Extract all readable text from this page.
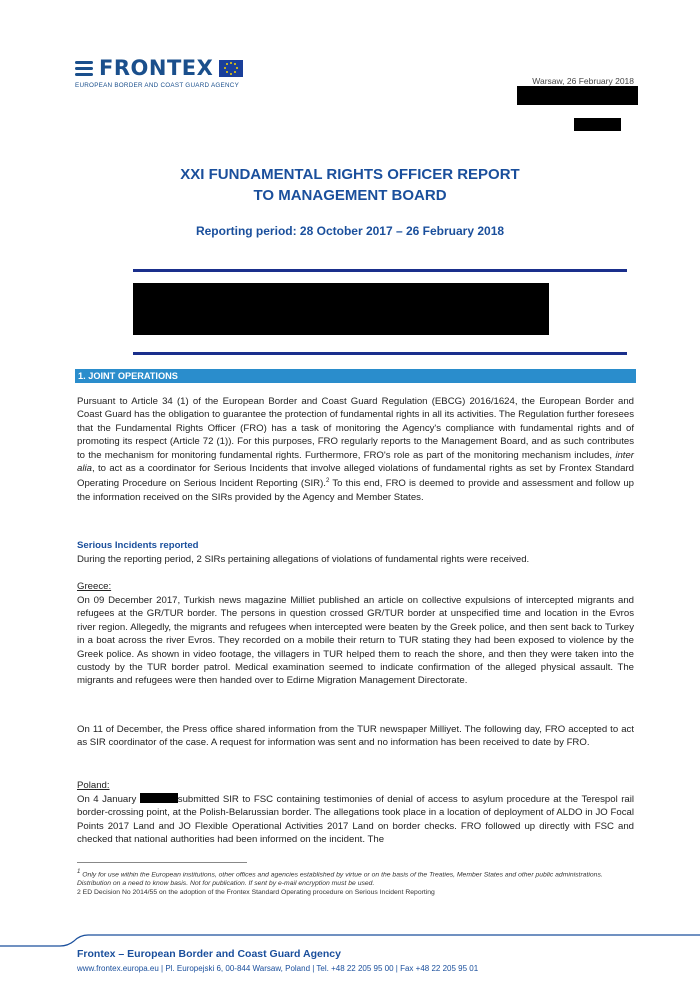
FRONTEX
EUROPEAN BORDER AND COAST GUARD AGENCY	Warsaw, 26 February 2018
XXI FUNDAMENTAL RIGHTS OFFICER REPORT
TO MANAGEMENT BOARD
Reporting period: 28 October 2017 – 26 February 2018
1. JOINT OPERATIONS

Pursuant to Article 34 (1) of the European Border and Coast Guard Regulation (EBCG) 2016/1624, the European Border and Coast Guard has the obligation to guarantee the protection of fundamental rights in all its activities. The Regulation further foresees that the Fundamental Rights Officer (FRO) has a task of monitoring the Agency's compliance with fundamental rights and of promoting its respect (Article 72 (1)). For this purposes, FRO regularly reports to the Management Board, and as such contributes to the mechanism for monitoring fundamental rights. Furthermore, FRO's role as part of the monitoring mechanism includes, inter alia, to act as a coordinator for Serious Incidents that involve alleged violations of fundamental rights as set by Frontex Standard Operating Procedure on Serious Incident Reporting (SIR).$^2$ To this end, FRO is deemed to provide and assessment and follow up the information received on the SIRs provided by the Agency and Member States.

Serious Incidents reported

During the reporting period, 2 SIRs pertaining allegations of violations of fundamental rights were received.

Greece:

On 09 December 2017, Turkish news magazine Milliet published an article on collective expulsions of intercepted migrants and refugees at the GR/TUR border. The persons in question crossed GR/TUR border at unspecified time and location in the Evros river region. Allegedly, the migrants and refugees when intercepted were beaten by the Greek police, and then sent back to Turkey in a boat across the river Evros. They recorded on a mobile their return to TUR stating they had been exposed to violence by the Greek police. As shown in video footage, the villagers in TUR helped them to reach the shore, and then they were taken into the custody by the TUR border patrol. Medical examination seemed to indicate confirmation of the alleged physical assault. The migrants and refugees were then handed over to Edirne Migration Management Directorate.

On 11 of December, the Press office shared information from the TUR newspaper Milliyet. The following day, FRO accepted to act as SIR coordinator of the case. A request for information was sent and no information has been received to date by FRO.

Poland:

On 4 January	submitted SIR to FSC containing testimonies of denial of access to asylum procedure at the Terespol rail border-crossing point, at the Polish-Belarussian border. The allegations took place in a location of deployment of ALDO in JO Focal Points 2017 Land and JO Flexible Operational Activities 2017 Land on border checks. FRO followed up directly with FSC and checked that national authorities had been informed on the incident. The

$^1$ Only for use within the European institutions, other offices and agencies established by virtue or on the basis of the Treaties, Member States and other public administrations. Distribution on a need to know basis. Not for publication. If sent by e-mail encryption must be used.

2 ED Decision No 2014/55 on the adoption of the Frontex Standard Operating procedure on Serious Incident Reporting

Frontex – European Border and Coast Guard Agency
www.frontex.europa.eu | Pl. Europejski 6, 00-844 Warsaw, Poland | Tel. +48 22 205 95 00 | Fax +48 22 205 95 01
